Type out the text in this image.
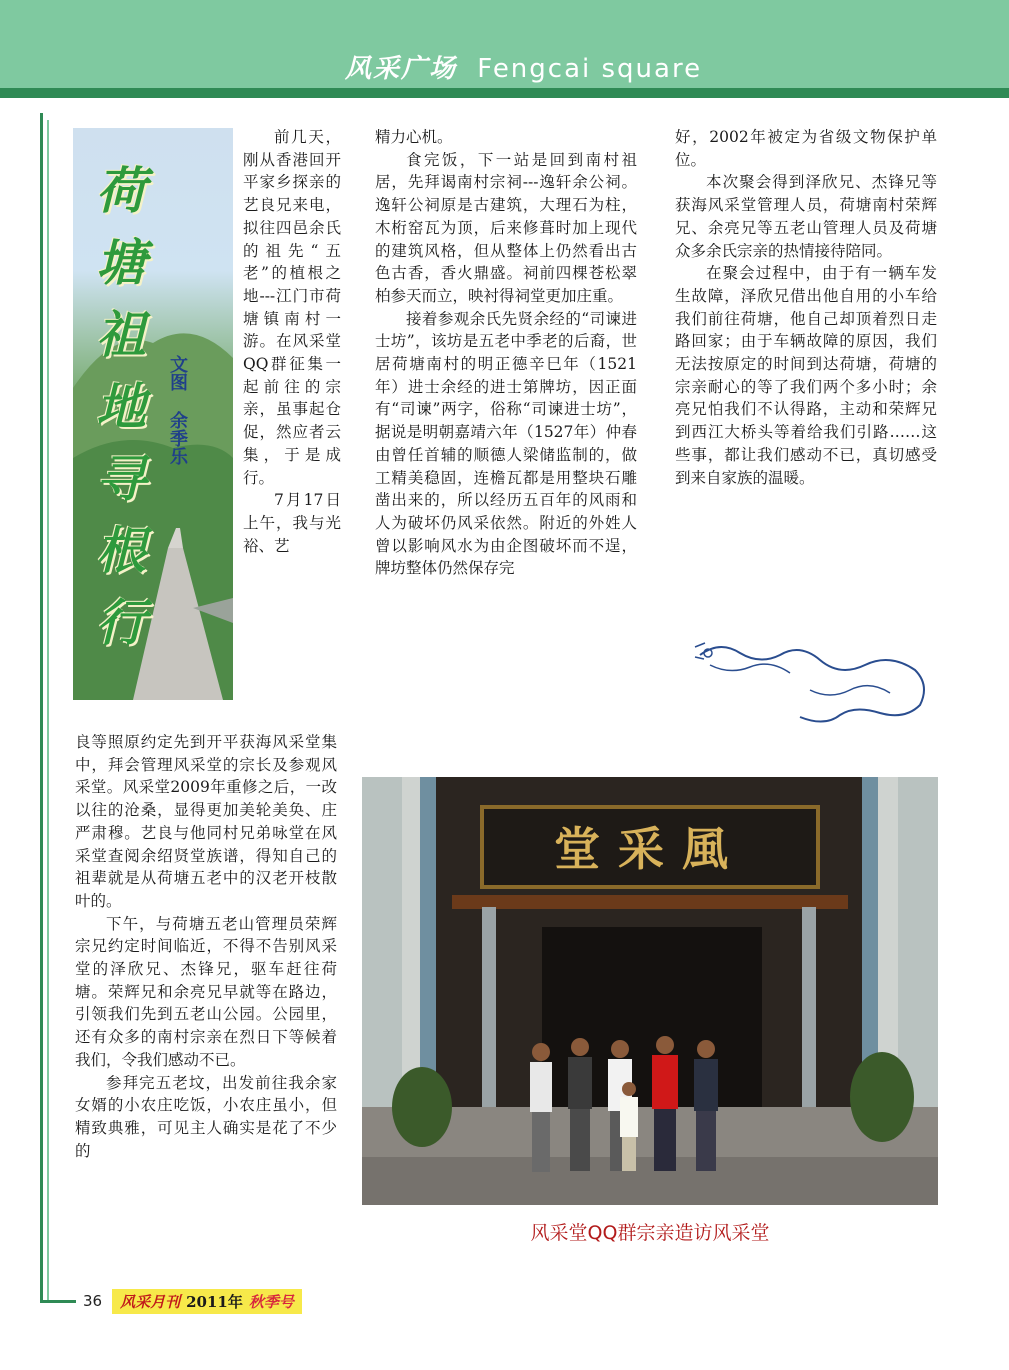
风采广场 Fengcai square
荷
塘
祖
地
寻
根
行
文图
余季乐

前几天，刚从香港回开平家乡探亲的艺良兄来电，拟往四邑余氏的祖先“五老”的植根之地---江门市荷塘镇南村一游。在风采堂QQ群征集一起前往的宗亲，虽事起仓促，然应者云集，于是成行。

7月17日上午，我与光裕、艺

良等照原约定先到开平获海风采堂集中，拜会管理风采堂的宗长及参观风采堂。风采堂2009年重修之后，一改以往的沧桑，显得更加美轮美奂、庄严肃穆。艺良与他同村兄弟咏堂在风采堂查阅余绍贤堂族谱，得知自己的祖辈就是从荷塘五老中的汉老开枝散叶的。

下午，与荷塘五老山管理员荣辉宗兄约定时间临近，不得不告别风采堂的泽欣兄、杰锋兄，驱车赶往荷塘。荣辉兄和余亮兄早就等在路边，引领我们先到五老山公园。公园里，还有众多的南村宗亲在烈日下等候着我们，令我们感动不已。

参拜完五老坟，出发前往我余家女婿的小农庄吃饭，小农庄虽小，但精致典雅，可见主人确实是花了不少的

精力心机。

食完饭，下一站是回到南村祖居，先拜谒南村宗祠---逸轩余公祠。逸轩公祠原是古建筑，大理石为柱，木桁窑瓦为顶，后来修葺时加上现代的建筑风格，但从整体上仍然看出古色古香，香火鼎盛。祠前四棵苍松翠柏参天而立，映衬得祠堂更加庄重。

接着参观余氏先贤余经的“司谏进士坊”，该坊是五老中季老的后裔，世居荷塘南村的明正德辛巳年（1521年）进士余经的进士第牌坊，因正面有“司谏”两字，俗称“司谏进士坊”，据说是明朝嘉靖六年（1527年）仲春由曾任首辅的顺德人梁储监制的，做工精美稳固，连檐瓦都是用整块石雕凿出来的，所以经历五百年的风雨和人为破坏仍风采依然。附近的外姓人曾以影响风水为由企图破坏而不逞，牌坊整体仍然保存完

好，2002年被定为省级文物保护单位。

本次聚会得到泽欣兄、杰锋兄等获海风采堂管理人员，荷塘南村荣辉兄、余亮兄等五老山管理人员及荷塘众多余氏宗亲的热情接待陪同。

在聚会过程中，由于有一辆车发生故障，泽欣兄借出他自用的小车给我们前往荷塘，他自己却顶着烈日走路回家；由于车辆故障的原因，我们无法按原定的时间到达荷塘，荷塘的宗亲耐心的等了我们两个多小时；余亮兄怕我们不认得路，主动和荣辉兄到西江大桥头等着给我们引路……这些事，都让我们感动不已，真切感受到来自家族的温暖。

堂采風
风采堂QQ群宗亲造访风采堂
36	风采月刊 2011年 秋季号
